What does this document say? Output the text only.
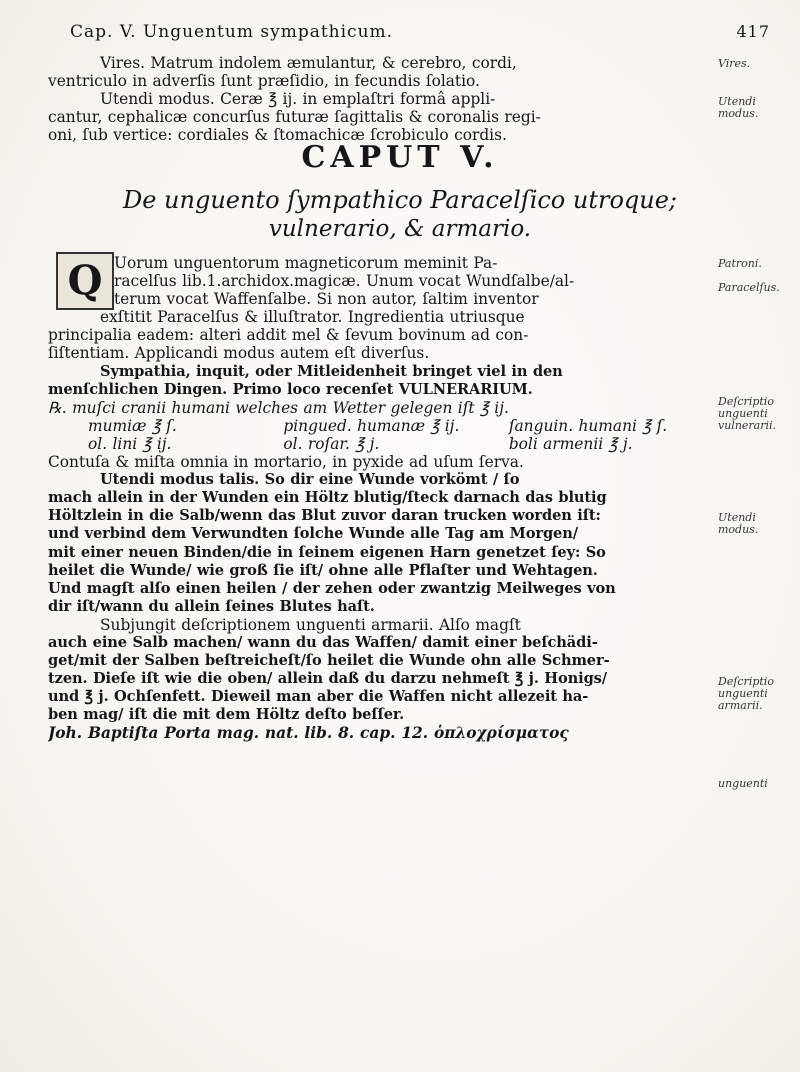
Cap. V. Unguentum sympathicum.	417

Vires. Matrum indolem æmulantur, & cerebro, cordi,

ventriculo in adverſis ſunt præſidio, in fecundis ſolatio.

Utendi modus. Ceræ ℥ ij. in emplaſtri formâ appli-

cantur, cephalicæ concurſus futuræ ſagittalis & coronalis regi-

oni, ſub vertice: cordiales & ſtomachicæ ſcrobiculo cordis.

CAPUT V.
De unguento ſympathico Paracelſico utroque;
vulnerario, & armario.
Q Uorum unguentorum magneticorum meminit Pa-

racelſus lib.1.archidox.magicæ. Unum vocat Wundſalbe/al-

terum vocat Waffenſalbe. Si non autor, ſaltim inventor

exſtitit Paracelſus & illuſtrator. Ingredientia utriusque

principalia eadem: alteri addit mel & ſevum bovinum ad con-

ſiſtentiam. Applicandi modus autem eſt diverſus.

Sympathia, inquit, oder Mitleidenheit bringet viel in den

menſchlichen Dingen. Primo loco recenſet VULNERARIUM.

℞. muſci cranii humani welches am Wetter gelegen iſt ℥ ij.
mumiæ ℥ ſ.	pingued. humanæ ℥ ij.	ſanguin. humani ℥ ſ.
ol. lini ℥ ij.	ol. roſar. ℥ j.	boli armenii ℥ j.

Contuſa & miſta omnia in mortario, in pyxide ad uſum ſerva.

Utendi modus talis. So dir eine Wunde vorkömt / ſo

mach allein in der Wunden ein Höltz blutig/ſteck darnach das blutig

Höltzlein in die Salb/wenn das Blut zuvor daran trucken worden iſt:

und verbind dem Verwundten ſolche Wunde alle Tag am Morgen/

mit einer neuen Binden/die in ſeinem eigenen Harn genetzet ſey: So

heilet die Wunde/ wie groß ſie iſt/ ohne alle Pflaſter und Wehtagen.

Und magſt alſo einen heilen / der zehen oder zwantzig Meilweges von

dir iſt/wann du allein ſeines Blutes haſt.

Subjungit deſcriptionem unguenti armarii. Alſo magſt

auch eine Salb machen/ wann du das Waffen/ damit einer beſchädi-

get/mit der Salben beſtreicheſt/ſo heilet die Wunde ohn alle Schmer-

tzen. Dieſe iſt wie die oben/ allein daß du darzu nehmeſt ℥ j. Honigs/

und ℥ j. Ochſenfett. Dieweil man aber die Waffen nicht allezeit ha-

ben mag/ iſt die mit dem Höltz deſto beſſer.

Joh. Baptiſta Porta mag. nat. lib. 8. cap. 12. ὁπλοχρίσματος

Vires.
Utendi modus.
Patroni.
Paracelſus.
Deſcriptio unguenti vulnerarii.
Utendi modus.
Deſcriptio unguenti armarii.
unguenti
